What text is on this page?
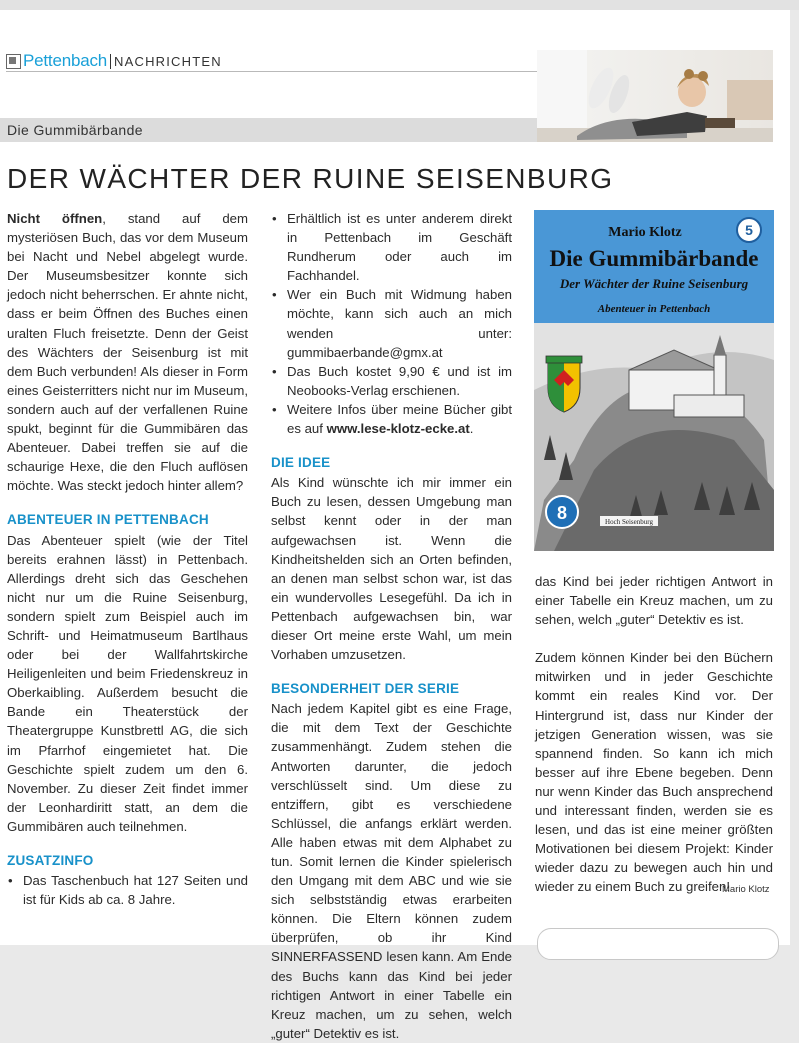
Pettenbach NACHRICHTEN
Die Gummibärbande
DER WÄCHTER DER RUINE SEISENBURG

Nicht öffnen, stand auf dem mysteriösen Buch, das vor dem Museum bei Nacht und Nebel abgelegt wurde. Der Museumsbesitzer konnte sich jedoch nicht beherrschen. Er ahnte nicht, dass er beim Öffnen des Buches einen uralten Fluch freisetzte. Denn der Geist des Wächters der Seisenburg ist mit dem Buch verbunden! Als dieser in Form eines Geisterritters nicht nur im Museum, sondern auch auf der verfallenen Ruine spukt, beginnt für die Gummibären das Abenteuer. Dabei treffen sie auf die schaurige Hexe, die den Fluch auflösen möchte. Was steckt jedoch hinter allem?

ABENTEUER IN PETTENBACH

Das Abenteuer spielt (wie der Titel bereits erahnen lässt) in Pettenbach. Allerdings dreht sich das Geschehen nicht nur um die Ruine Seisenburg, sondern spielt zum Beispiel auch im Schrift- und Heimatmuseum Bartlhaus oder bei der Wallfahrtskirche Heiligenleiten und beim Friedenskreuz in Oberkaibling. Außerdem besucht die Bande ein Theaterstück der Theatergruppe Kunstbrettl AG, die sich im Pfarrhof eingemietet hat. Die Geschichte spielt zudem um den 6. November. Zu dieser Zeit findet immer der Leonhardiritt statt, an dem die Gummibären auch teilnehmen.

ZUSATZINFO
• Das Taschenbuch hat 127 Seiten und ist für Kids ab ca. 8 Jahre.
• Erhältlich ist es unter anderem direkt in Pettenbach im Geschäft Rundherum oder auch im Fachhandel.
• Wer ein Buch mit Widmung haben möchte, kann sich auch an mich wenden unter: gummibaerbande@gmx.at
• Das Buch kostet 9,90 € und ist im Neobooks-Verlag erschienen.
• Weitere Infos über meine Bücher gibt es auf www.lese-klotz-ecke.at.
DIE IDEE

Als Kind wünschte ich mir immer ein Buch zu lesen, dessen Umgebung man selbst kennt oder in der man aufgewachsen ist. Wenn die Kindheitshelden sich an Orten befinden, an denen man selbst schon war, ist das ein wundervolles Lesegefühl. Da ich in Pettenbach aufgewachsen bin, war dieser Ort meine erste Wahl, um mein Vorhaben umzusetzen.

BESONDERHEIT DER SERIE

Nach jedem Kapitel gibt es eine Frage, die mit dem Text der Geschichte zusammenhängt. Zudem stehen die Antworten darunter, die jedoch verschlüsselt sind. Um diese zu entziffern, gibt es verschiedene Schlüssel, die anfangs erklärt werden. Alle haben etwas mit dem Alphabet zu tun. Somit lernen die Kinder spielerisch den Umgang mit dem ABC und wie sie sich selbstständig etwas erarbeiten können. Die Eltern können zudem überprüfen, ob ihr Kind SINNERFASSEND lesen kann. Am Ende des Buchs kann das Kind bei jeder richtigen Antwort in einer Tabelle ein Kreuz machen, um zu sehen, welch „guter“ Detektiv es ist.

das Kind bei jeder richtigen Antwort in einer Tabelle ein Kreuz machen, um zu sehen, welch „guter“ Detektiv es ist.

Zudem können Kinder bei den Büchern mitwirken und in jeder Geschichte kommt ein reales Kind vor. Der Hintergrund ist, dass nur Kinder der jetzigen Generation wissen, was sie spannend finden. So kann ich mich besser auf ihre Ebene begeben. Denn nur wenn Kinder das Buch ansprechend und interessant finden, werden sie es lesen, und das ist eine meiner größten Motivationen bei diesem Projekt: Kinder wieder dazu zu bewegen auch hin und wieder zu einem Buch zu greifen!

Mario Klotz
Mario Klotz	5
Die Gummibärbande
Der Wächter der Ruine Seisenburg
Abenteuer in Pettenbach
8	Hoch Seisenburg
